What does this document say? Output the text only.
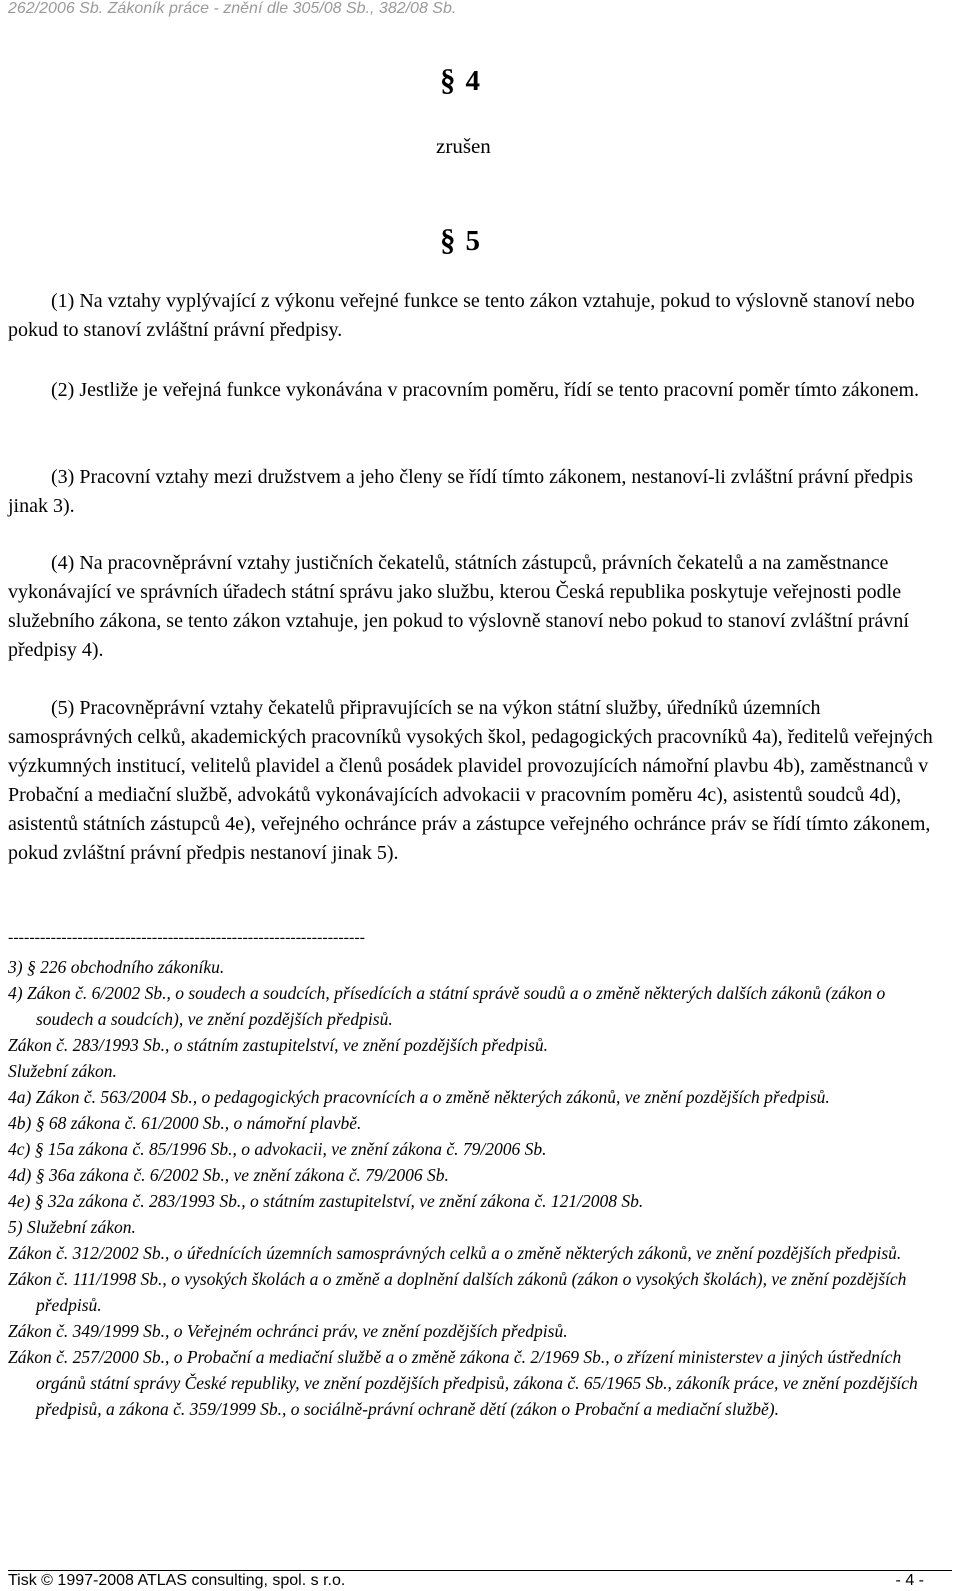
262/2006 Sb. Zákoník práce - znění dle 305/08 Sb., 382/08 Sb.
§ 4
zrušen
§ 5

(1) Na vztahy vyplývající z výkonu veřejné funkce se tento zákon vztahuje, pokud to výslovně stanoví nebo pokud to stanoví zvláštní právní předpisy.

(2) Jestliže je veřejná funkce vykonávána v pracovním poměru, řídí se tento pracovní poměr tímto zákonem.

(3) Pracovní vztahy mezi družstvem a jeho členy se řídí tímto zákonem, nestanoví-li zvláštní právní předpis jinak 3).

(4) Na pracovněprávní vztahy justičních čekatelů, státních zástupců, právních čekatelů a na zaměstnance vykonávající ve správních úřadech státní správu jako službu, kterou Česká republika poskytuje veřejnosti podle služebního zákona, se tento zákon vztahuje, jen pokud to výslovně stanoví nebo pokud to stanoví zvláštní právní předpisy 4).

(5) Pracovněprávní vztahy čekatelů připravujících se na výkon státní služby, úředníků územních samosprávných celků, akademických pracovníků vysokých škol, pedagogických pracovníků 4a), ředitelů veřejných výzkumných institucí, velitelů plavidel a členů posádek plavidel provozujících námořní plavbu 4b), zaměstnanců v Probační a mediační službě, advokátů vykonávajících advokacii v pracovním poměru 4c), asistentů soudců 4d), asistentů státních zástupců 4e), veřejného ochránce práv a zástupce veřejného ochránce práv se řídí tímto zákonem, pokud zvláštní právní předpis nestanoví jinak 5).

-------------------------------------------------------------------

3) § 226 obchodního zákoníku.

4) Zákon č. 6/2002 Sb., o soudech a soudcích, přísedících a státní správě soudů a o změně některých dalších zákonů (zákon o soudech a soudcích), ve znění pozdějších předpisů.

Zákon č. 283/1993 Sb., o státním zastupitelství, ve znění pozdějších předpisů.

Služební zákon.

4a) Zákon č. 563/2004 Sb., o pedagogických pracovnících a o změně některých zákonů, ve znění pozdějších předpisů.

4b) § 68 zákona č. 61/2000 Sb., o námořní plavbě.

4c) § 15a zákona č. 85/1996 Sb., o advokacii, ve znění zákona č. 79/2006 Sb.

4d) § 36a zákona č. 6/2002 Sb., ve znění zákona č. 79/2006 Sb.

4e) § 32a zákona č. 283/1993 Sb., o státním zastupitelství, ve znění zákona č. 121/2008 Sb.

5) Služební zákon.

Zákon č. 312/2002 Sb., o úřednících územních samosprávných celků a o změně některých zákonů, ve znění pozdějších předpisů.

Zákon č. 111/1998 Sb., o vysokých školách a o změně a doplnění dalších zákonů (zákon o vysokých školách), ve znění pozdějších předpisů.

Zákon č. 349/1999 Sb., o Veřejném ochránci práv, ve znění pozdějších předpisů.

Zákon č. 257/2000 Sb., o Probační a mediační službě a o změně zákona č. 2/1969 Sb., o zřízení ministerstev a jiných ústředních orgánů státní správy České republiky, ve znění pozdějších předpisů, zákona č. 65/1965 Sb., zákoník práce, ve znění pozdějších předpisů, a zákona č. 359/1999 Sb., o sociálně-právní ochraně dětí (zákon o Probační a mediační službě).

Tisk © 1997-2008 ATLAS consulting, spol. s r.o.	- 4 -
